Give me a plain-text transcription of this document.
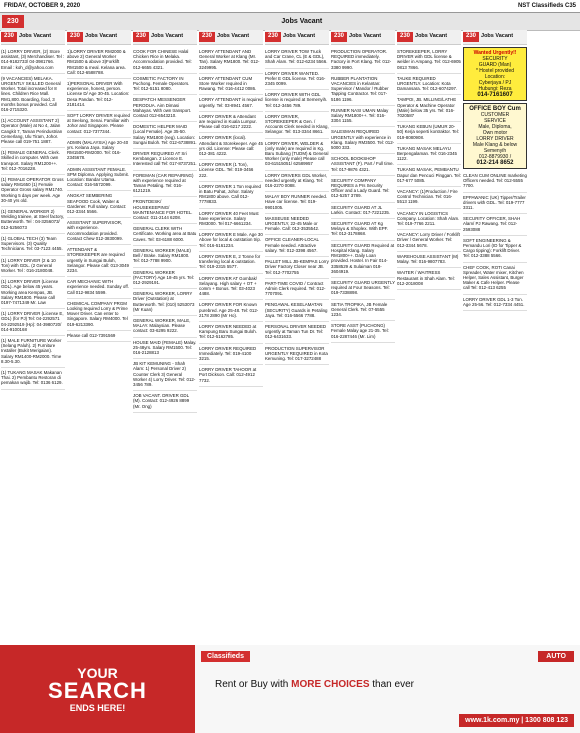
FRIDAY, OCTOBER 9, 2020	NST Classifieds C35
230	Jobs Vacant
230 Jobs Vacant
(1) LORRY DRIVER, (2) Store assistant, (3) Merchandiser. Tel : 014-9182733/ 04-3981766. Email : koh_d@yahoo.com
(9 VACANCIES) MELAKA. URGENTLY SKILLED General Worker. Total increased for 8 lines. Children Rice Mall. RM1,800. Boarding, food, 3 months bonus provided. Call 016-2715320.
(1) ACCOUNT ASSISTANT 2) Operator (Male) at No 4, Jalan Cangkit 7, Taman Perindustrian Cemerlang, Ulu Tiram, Johor. Please call 019-751 1887.
(1) FEMALE GENERAL Clerk. Skilled in computer. With own transport. Salary RM1200++. Tel: 012-7016228.
(1) FEMALE OPERATOR Gross salary RM1650 (1) Female Operator Gross salary RM1740. Working 5 days per week. Age 30-40 yrs old.
(1) GENERAL WORKER 2) Welding trainee, at Steel factory, Butterworth. Tel : 04-3256073/ 012-5256073
(1) GLOBAL TECH (3) Team Supervisors. (3) Quality Technicians. Tel: 03-7123 4455.
(1) LORRY DRIVER (2 & 10 Ton) with GDL. (2 General Worker. Tel : 016-2180048.
(1) LORRY DRIVER (License GDL). Age below 45 years. Working area Kempas, JB. Salary RM1800. Please call 0197-7471349 Mr. Law
(1) LORRY DRIVER (License E, GDL) (for PJ) Tel: 04-2292571 04-2292519 (Hp): 04-3980720/ 014-9100168
(1) MALE FURNITURE Worker (Selang Paluh). 2) Furniture Installer (Bukit Merigaian). Salary RM1400-RM2000. Time 8.30-5.30.
(1) TUKANG MASAK Makanan Thai. 2) Pembantu Restoran di pemakan wajib. Tel: 0136 6129.
230 Jobs Vacant
1)LORRY DRIVER RM2000 & above 2) General Worker RM1500 & above 3)Forklift RM1500 & meal. Kelana area. Call: 012-6588788.
1)PERSONAL DRIVER With experience, honest, person. License D/ Age 30-45. Location: Desa Pandan. Tel: 012-2181414.
SOFT LORRY DRIVER required at Seelong, Senai. Familiar with Johor and Singapore. Please contact: 012-7377344.
ADMIN (MALAYSIA) Age 20-40 yrs. Kelana Jaya. Salary RM1500-RM2000. Tel: 016-2345678.
ADMIN ASSISTANT FEMALE. SPM Diploma. Applying Submit. Location: Bandar Utama. Contact: 016-5572099.
ANGKAT SEMBERING SEAFOOD Cook, Waiter & Gardener. Full salary. Contact: 012-3344 5566.
ASSISTANT SUPERVISOR, with experience. Accommodation provided. Contact Chew 012-3830099.
ATTENDANT & STOREKEEPER are required urgently in Sungai Buloh, Selangor. Please call: 013-3049 2234.
CAR MECHANIC WITH experience needed. Sunday off. Call 012-9834 5599.
CHEMICAL COMPANY PRGM Looking required Lorry & Prime Mover Driver. Can enter to Singapore. Salary RM4000. Tel 019-6213390.
Please call 012-7391569
230 Jobs Vacant
COOK FOR CHINESE Halal Chicken Rice in Melaka. Accommodation provided. Tel: 012-6655 4321.
COSMETIC FACTORY IN Puchong. Female Operators. Tel: 012-5151 8080.
DESPATCH MESSENGER PERODUA. Aim Dimasi Mahayas. With own transport. Contact 012-6543210.
DOMESTIC HELPER MAID (Local Female). Age 35-50. Salary RM1800 (neg). Location: Sungai Buloh. Tel: 012-6738891.
DRIVER REQUIRED AT Sri Kembangan. 2 Licence E. Interested call Tel: 017-8737251.
FOREMAN (CAR REPAIRING) with experience required at Taman Petaling. Tel: 016-6121219.
FRONTDESK/ HOUSEKEEPING/ MAINTENANCE FOR HOTEL. Contact: 011-2144 6208.
GENERAL CLERK WITH Certificate. Working area at Batu Caves. Tel: 03-6188 6000.
GENERAL WORKER (MALE) Bell / Brake. Salary RM1800. Tel: 012-7788 9900.
GENERAL WORKER (FACTORY) Age 18-45 yrs. Tel: 012-2929191.
GENERAL WORKER, LORRY Driver (Outstation) at Butterworth. Tel: (010) 5253073 (Mr Kuan)
GENERAL WORKER, MALE, MALAY. Malaysian. Please contact: 03-6295 9222.
HOUSE MAID (FEMALE) Malay. 25-48yrs. Salary RM1500. Tel: 016-2128813
JB KIT KEMUNING - Shah Alam: 1) Personal Driver 2) Counter Clerk 3) General Worker 4) Lorry Driver. Tel: 012-3456 789.
JOB VACANT. DRIVER GDL (M). Contact: 012-4926 8899 (Mr. Ong)
230 Jobs Vacant
LORRY ATTENDANT AND General Worker at Klang (Mr. Tan). Salary RM1800. Tel: 012-3249995.
LORRY ATTENDANT CUM Store Worker required in Rawang. Tel: 016-4412 0086.
LORRY ATTENDANT is required urgently. Tel: 03-8941 4567.
LORRY DRIVER & Attendant are required in Kuala Lumpur. Please call 016-6217 2222.
LORRY DRIVER (local). Attendant & Storekeeper. Age 45 yrs old. License: Please call: 012-381 4222.
LORRY DRIVER (1 Ton), License GDL. Tel: 019-3456 222.
LORRY DRIVER 1 Ton required in Batu Pahat, Johor. Salary RM1800 above. Call 012-7778833.
LORRY DRIVER 40 Feet Must have experience. Salary RM3000. Tel 017-6661234.
LORRY DRIVER E Male. Age 30 Above for local & outstation trip. Tel: 016-5161234.
LORRY DRIVER E, 2 Tonne for transfering local & outstation. Tel: 019-2315 5577.
LORRY DRIVER AT Gombak/ Selayang. High salary + OT + comm + Bonus. Tel: 03-4023 4488.
LORRY DRIVER FOR Known purebred. Age 25-48. Tel: 012-2178 2890 (Mr Ho).
LORRY DRIVER NEEDED at Kampung Baru Sungai Buloh. Tel: 012-5162785.
LORRY DRIVER REQUIRED Immediately. Tel: 019-4100 3215.
LORRY DRIVER TAHOOR at Port Dickson. Call: 012-4912 7732.
230 Jobs Vacant
LORRY DRIVER TOW Truck and Car Crane, CL (E & GDL), Shah Alam. Tel: 012-6234 5566.
LORRY DRIVER WANTED. Prefer E GDL license. Tel: 016-2345 0099.
LORRY DRIVER WITH GDL license is required at Semenyih. Tel: 012-3456 789.
LORRY DRIVER, STOREKEEPER & Gen. / Accounts Clerk needed in Klang, Selangor. Tel: 013-3344 8661.
LORRY DRIVER, WELDER & (only male) are required in Kg. Baru Subang (TUDM) & General Worker (only male) Please call 03-61515051/ 62589957
LORRY DRIVERS GDL Worker, needed urgently at Klang. Tel: 016-2270 0088.
MALAY BOY RUNNER needed. Have car license. Tel: 019-9901005.
MASSEUSE NEEDED URGENTLY, 22-45 Male or Female. Call: 012-3535542.
OFFICE CLEANER-LOCAL Female needed. Attractive salary. Tel: 012-3398 4567.
PALLET MILL JB-KEMPAS Lorry Driver Factory Closer near JB. Tel: 012-7702755
PART-TIME COVID / Contract Admin Clerk required. Tel: 012-7707091.
PENGAWAL KESELAMATAN (SECURITY) Guards in Petaling Jaya. Tel: 016-5566 7788.
PERSONAL DRIVER NEEDED urgently at Taman Tun Dr. Tel: 012-6431633.
PRODUCTION SUPERVISOR URGENTLY REQUIRED in Kota Kemuning. Tel: 017-3272488
230 Jobs Vacant
PRODUCTION OPERATOR. REQUIRED immediately. Factory in Port Klang. Tel: 012-3380 9990.
RUBBER PLANTATION VACANCIES in Kelantan: Supervisor / Mandor / Rubber Tapping Contractor. Tel: 017-5186 1196.
RUNNER NASI UMAN Malay Salary RM1800++. Tel: 016-3304 1155.
SALESMAN REQUIRED URGENTLY with experience in Klang. Salary RM3500. Tel: 012-5000 333.
SCHOOL BOOKSHOP ASSISTANT (F). Part / Full time. Tel: 017-9876 4321.
SECURITY COMPANY REQUIRES a Prs Security Officer and a Lady Guard. Tel: 012-5257 3789.
SECURITY GUARD AT JL Larkin. Contact: 017-7221235.
SECURITY GUARD AT Kg Melayu & Shoplex. With EPF. Tel: 012-3178868.
SECURITY GUARD Required at Hospital Klang. Salary RM1800++. Daily Loan provided. Hostel. In Fair 014-3358529 & Sulaiman 018-3604919.
SECURITY GUARD URGENTLY required at Four Seasons. Tel: 019-7338898.
SETIA TROPIKA, JB Female General Clerk. Tel: 07-5555 1234.
STORE ASST (PUCHONG) Female Malay age 21-35. Tel: 016-2287446 (Mr. Lim)
230 Jobs Vacant
STOREKEEPER, LORRY DRIVER with GDL license & welder in Ampang. Tel: 012-6905 0813 7866.
TAUKE REQUIRED URGENTLY. Location: Kota Damansara. Tel: 012-6074297.
TAMPOI, JB. MILLING/LATHE Operator & Machine Operator (Male) below 35 yrs. Tel: 016-7020587
TUKANG KEBUN (UMUR 20-50) Kerja seperti kontraktor. Tel: 019-8080908.
TUKANG MASAK MELAYU Berpengalaman. Tel: 016-2345 1122.
TUKANG MASAK, PEMBANTU Dapur dan Pencuci Pinggan. Tel: 017-677 5085.
VACANCY: (1)Production / Fire Control Technician. Tel: 016-5513 1199.
VACANCY IN LOGISTICS Company. Location: Shah Alam. Tel: 019-7766 2211.
VACANCY: Lorry Driver / Forklift Driver / General Worker. Tel: 012-3344 5678.
WAREHOUSE ASSISTANT (M) Malay. Tel: 016-9807783.
WAITER / WAITRESS Restaurant in Shah Alam. Tel: 012-2018008
230 Jobs Vacant
Wanted Urgently!!
SECURITY
GUARD (Man)
* Hostel provided
Location:
Cyberjaya / PJ
Hubungi: Reza
014-7161607
OFFICE BOY Cum
CUSTOMER
SERVICE
Male, Diploma,
Own motor
LORRY DRIVER
Male Klang & below
Semenyih
012-8879930 /
012-214 8652
CLEAN CUM ONLINE marketing Officers needed. Tel: 012-5555 7700.
EPPAWANIC (UK) Tipper/Trailer drivers with GDL. Tel: 019-7777 3311.
SECURITY OFFICER, SHAH Alam/ PJ Rawang. Tel: 012-2593088
SOFT ENGINEERING & Pemandu Lori (ID for Tipper & Cargo tipping): Forklift Driver. Tel: 012-3388 5566.
CHEF COOK, ROTI Canai Spreader, Water mixer, Kitchen Helper, Sales Assistant, Burger Maker & Cafe Helper. Please call Tel: 012-413 6255
LORRY DRIVER GDL 1-3 Ton. Age 25-56. Tel: 012-7334 4451.
YOUR
SEARCH
ENDS HERE!
Classifieds	AUTO
Rent or Buy with MORE CHOICES than ever
www.1k.com.my | 1300 808 123
